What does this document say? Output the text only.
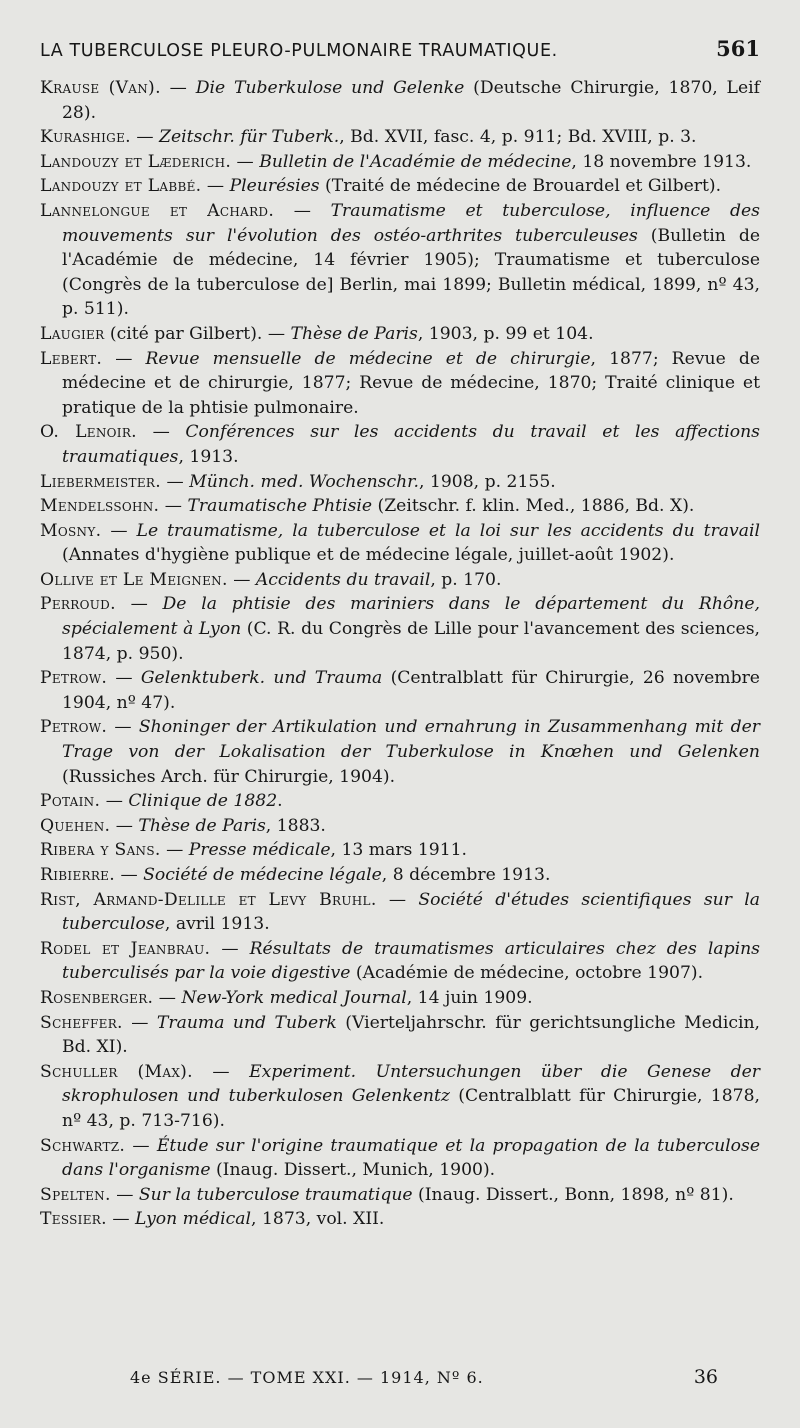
LA TUBERCULOSE PLEURO-PULMONAIRE TRAUMATIQUE.	561

Krause (Van). — Die Tuberkulose und Gelenke (Deutsche Chirurgie, 1870, Leif 28).

Kurashige. — Zeitschr. für Tuberk., Bd. XVII, fasc. 4, p. 911; Bd. XVIII, p. 3.

Landouzy et Læderich. — Bulletin de l'Académie de médecine, 18 novembre 1913.

Landouzy et Labbé. — Pleurésies (Traité de médecine de Brouardel et Gilbert).

Lannelongue et Achard. — Traumatisme et tuberculose, influence des mouvements sur l'évolution des ostéo-arthrites tuberculeuses (Bulletin de l'Académie de médecine, 14 février 1905); Traumatisme et tuberculose (Congrès de la tuberculose de] Berlin, mai 1899; Bulletin médical, 1899, nº 43, p. 511).

Laugier (cité par Gilbert). — Thèse de Paris, 1903, p. 99 et 104.

Lebert. — Revue mensuelle de médecine et de chirurgie, 1877; Revue de médecine et de chirurgie, 1877; Revue de médecine, 1870; Traité clinique et pratique de la phtisie pulmonaire.

O. Lenoir. — Conférences sur les accidents du travail et les affections traumatiques, 1913.

Liebermeister. — Münch. med. Wochenschr., 1908, p. 2155.

Mendelssohn. — Traumatische Phtisie (Zeitschr. f. klin. Med., 1886, Bd. X).

Mosny. — Le traumatisme, la tuberculose et la loi sur les accidents du travail (Annates d'hygiène publique et de médecine légale, juillet-août 1902).

Ollive et Le Meignen. — Accidents du travail, p. 170.

Perroud. — De la phtisie des mariniers dans le département du Rhône, spécialement à Lyon (C. R. du Congrès de Lille pour l'avancement des sciences, 1874, p. 950).

Petrow. — Gelenktuberk. und Trauma (Centralblatt für Chirurgie, 26 novembre 1904, nº 47).

Petrow. — Shoninger der Artikulation und ernahrung in Zusammenhang mit der Trage von der Lokalisation der Tuberkulose in Knœhen und Gelenken (Russiches Arch. für Chirurgie, 1904).

Potain. — Clinique de 1882.

Quehen. — Thèse de Paris, 1883.

Ribera y Sans. — Presse médicale, 13 mars 1911.

Ribierre. — Société de médecine légale, 8 décembre 1913.

Rist, Armand-Delille et Levy Bruhl. — Société d'études scientifiques sur la tuberculose, avril 1913.

Rodel et Jeanbrau. — Résultats de traumatismes articulaires chez des lapins tuberculisés par la voie digestive (Académie de médecine, octobre 1907).

Rosenberger. — New-York medical Journal, 14 juin 1909.

Scheffer. — Trauma und Tuberk (Vierteljahrschr. für gerichtsungliche Medicin, Bd. XI).

Schuller (Max). — Experiment. Untersuchungen über die Genese der skrophulosen und tuberkulosen Gelenkentz (Centralblatt für Chirurgie, 1878, nº 43, p. 713-716).

Schwartz. — Étude sur l'origine traumatique et la propagation de la tuberculose dans l'organisme (Inaug. Dissert., Munich, 1900).

Spelten. — Sur la tuberculose traumatique (Inaug. Dissert., Bonn, 1898, nº 81).

Tessier. — Lyon médical, 1873, vol. XII.

4e SÉRIE. — TOME XXI. — 1914, Nº 6.	36
